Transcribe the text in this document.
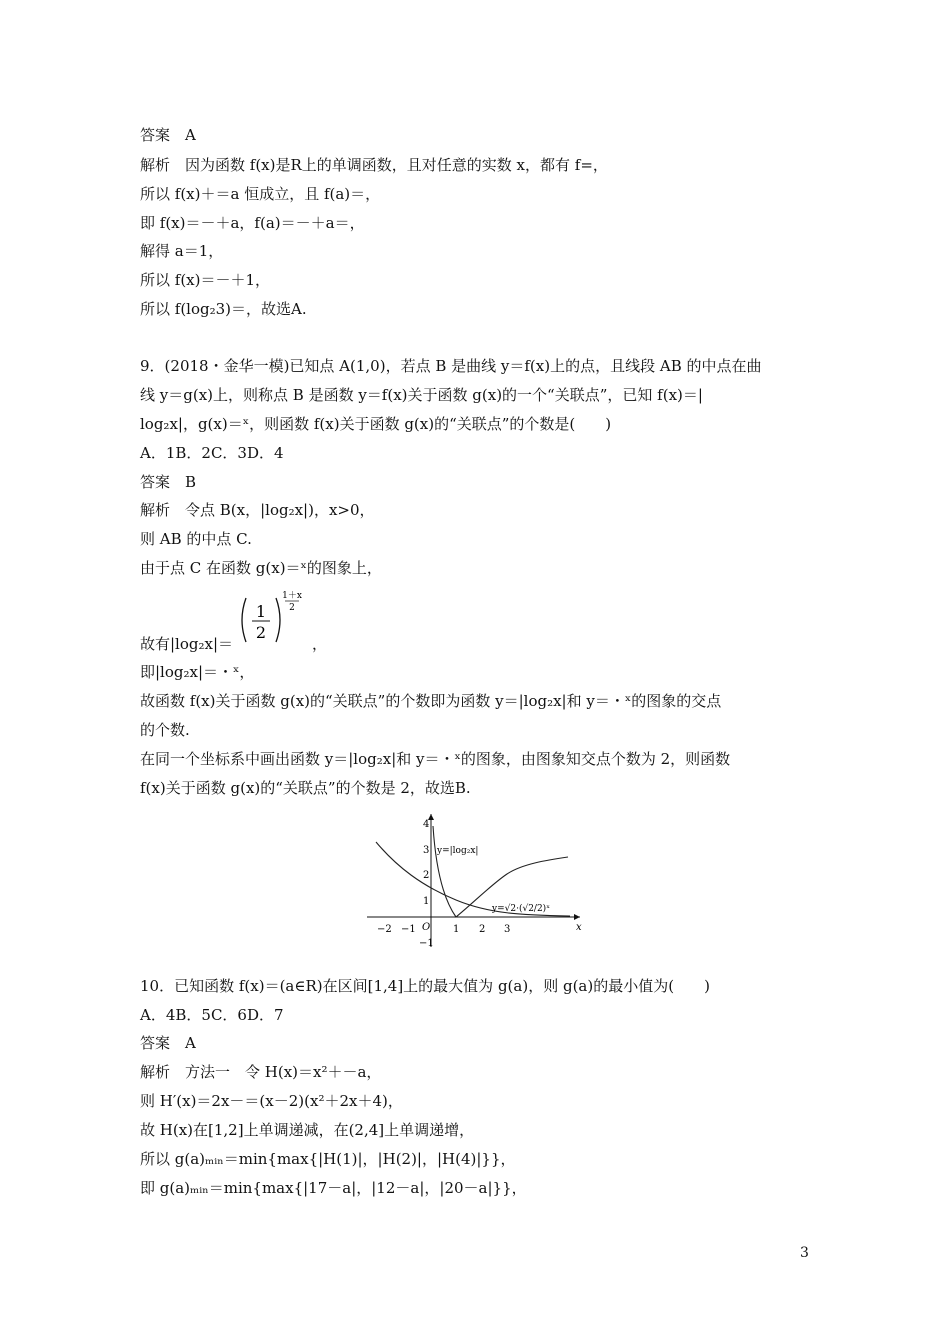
答案　A
解析　因为函数 f(x)是R上的单调函数，且对任意的实数 x，都有 f=，
所以 f(x)＋＝a 恒成立，且 f(a)＝，
即 f(x)＝－＋a，f(a)＝－＋a＝，
解得 a＝1，
所以 f(x)＝－＋1，
所以 f(log₂3)＝，故选A.
9．(2018・金华一模)已知点 A(1,0)，若点 B 是曲线 y＝f(x)上的点，且线段 AB 的中点在曲
线 y＝g(x)上，则称点 B 是函数 y＝f(x)关于函数 g(x)的一个“关联点”，已知 f(x)＝|
log₂x|，g(x)＝ˣ，则函数 f(x)关于函数 g(x)的“关联点”的个数是(　　)
A．1B．2C．3D．4
答案　B
解析　令点 B(x，|log₂x|)，x>0，
则 AB 的中点 C.
由于点 C 在函数 g(x)＝ˣ的图象上，
故有|log₂x|＝
1
2
1＋x
2
，
即|log₂x|＝・ˣ，
故函数 f(x)关于函数 g(x)的“关联点”的个数即为函数 y＝|log₂x|和 y＝・ˣ的图象的交点
的个数.
在同一个坐标系中画出函数 y＝|log₂x|和 y＝・ˣ的图象，由图象知交点个数为 2，则函数
f(x)关于函数 g(x)的“关联点”的个数是 2，故选B.
−2 −1 O 1 2 3	x
4
3
2
1
−1
y=|log₂x|
y=√2·(√2/2)ˣ
10．已知函数 f(x)＝(a∈R)在区间[1,4]上的最大值为 g(a)，则 g(a)的最小值为(　　)
A．4B．5C．6D．7
答案　A
解析　方法一　令 H(x)＝x²＋－a，
则 H′(x)＝2x－＝(x－2)(x²＋2x＋4)，
故 H(x)在[1,2]上单调递减，在(2,4]上单调递增，
所以 g(a)ₘᵢₙ＝min{max{|H(1)|，|H(2)|，|H(4)|}}，
即 g(a)ₘᵢₙ＝min{max{|17－a|，|12－a|，|20－a|}}，
3
